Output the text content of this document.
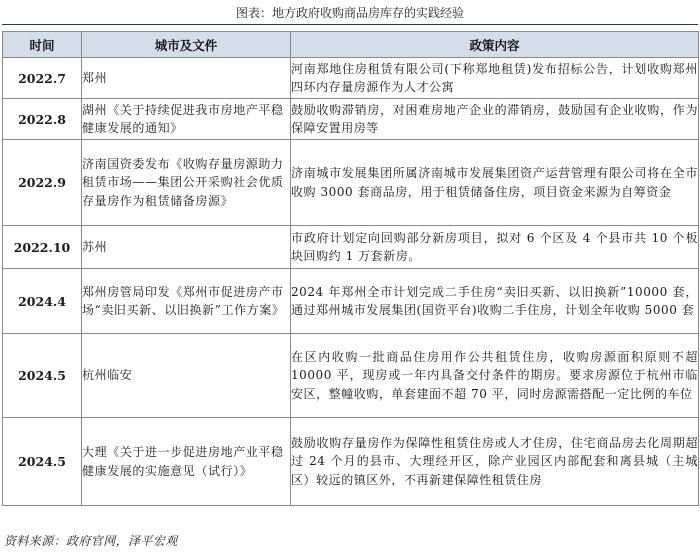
图表：地方政府收购商品房库存的实践经验
时间	城市及文件	政策内容
2022.7	郑州	河南郑地住房租赁有限公司(下称郑地租赁)发布招标公告，计划收购郑州四环内存量房源作为人才公寓
2022.8	湖州《关于持续促进我市房地产平稳健康发展的通知》	鼓励收购滞销房，对困难房地产企业的滞销房，鼓励国有企业收购，作为保障安置用房等
2022.9	济南国资委发布《收购存量房源助力租赁市场——集团公开采购社会优质存量房作为租赁储备房源》	济南城市发展集团所属济南城市发展集团资产运营管理有限公司将在全市收购 3000 套商品房，用于租赁储备住房，项目资金来源为自筹资金
2022.10	苏州	市政府计划定向回购部分新房项目，拟对 6 个区及 4 个县市共 10 个板块回购约 1 万套新房。
2024.4	郑州房管局印发《郑州市促进房产市场“卖旧买新、以旧换新”工作方案》	2024 年郑州全市计划完成二手住房“卖旧买新、以旧换新”10000 套，通过郑州城市发展集团(国资平台)收购二手住房，计划全年收购 5000 套
2024.5	杭州临安	在区内收购一批商品住房用作公共租赁住房，收购房源面积原则不超 10000 平，现房或一年内具备交付条件的期房。要求房源位于杭州市临安区，整幢收购，单套建面不超 70 平，同时房源需搭配一定比例的车位
2024.5	大理《关于进一步促进房地产业平稳健康发展的实施意见（试行）》	鼓励收购存量房作为保障性租赁住房或人才住房，住宅商品房去化周期超过 24 个月的县市、大理经开区，除产业园区内部配套和离县城（主城区）较远的镇区外，不再新建保障性租赁住房
资料来源：政府官网，泽平宏观
